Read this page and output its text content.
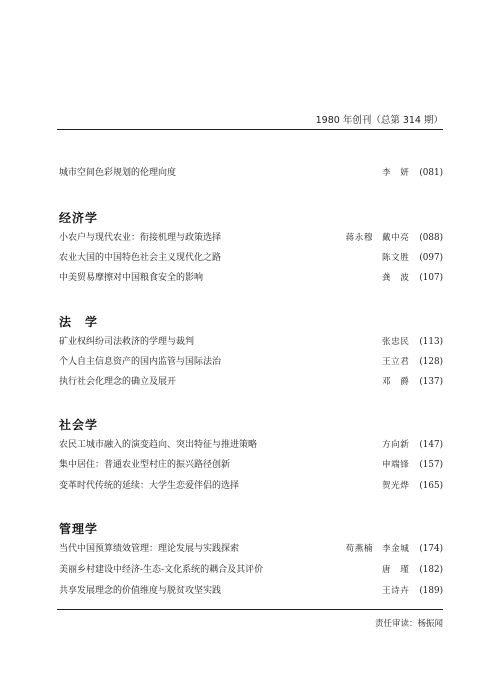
1980 年创刊（总第 314 期）
城市空间色彩规划的伦理向度	李　妍 (081)
经济学
小农户与现代农业：衔接机理与政策选择	蒋永穆　戴中亮 (088)
农业大国的中国特色社会主义现代化之路	陈文胜 (097)
中美贸易摩擦对中国粮食安全的影响	龚　波 (107)
法　学
矿业权纠纷司法救济的学理与裁判	张忠民 (113)
个人自主信息资产的国内监管与国际法治	王立君 (128)
执行社会化理念的确立及展开	邓　爵 (137)
社会学
农民工城市融入的演变趋向、突出特征与推进策略	方向新 (147)
集中居住：普通农业型村庄的振兴路径创新	申端锋 (157)
变革时代传统的延续：大学生恋爱伴侣的选择	贺光烨 (165)
管理学
当代中国预算绩效管理：理论发展与实践探索	苟燕楠　李金城 (174)
美丽乡村建设中经济-生态-文化系统的耦合及其评价	唐　瑾 (182)
共享发展理念的价值维度与脱贫攻坚实践	王诗卉 (189)
责任审读：杨振闻
